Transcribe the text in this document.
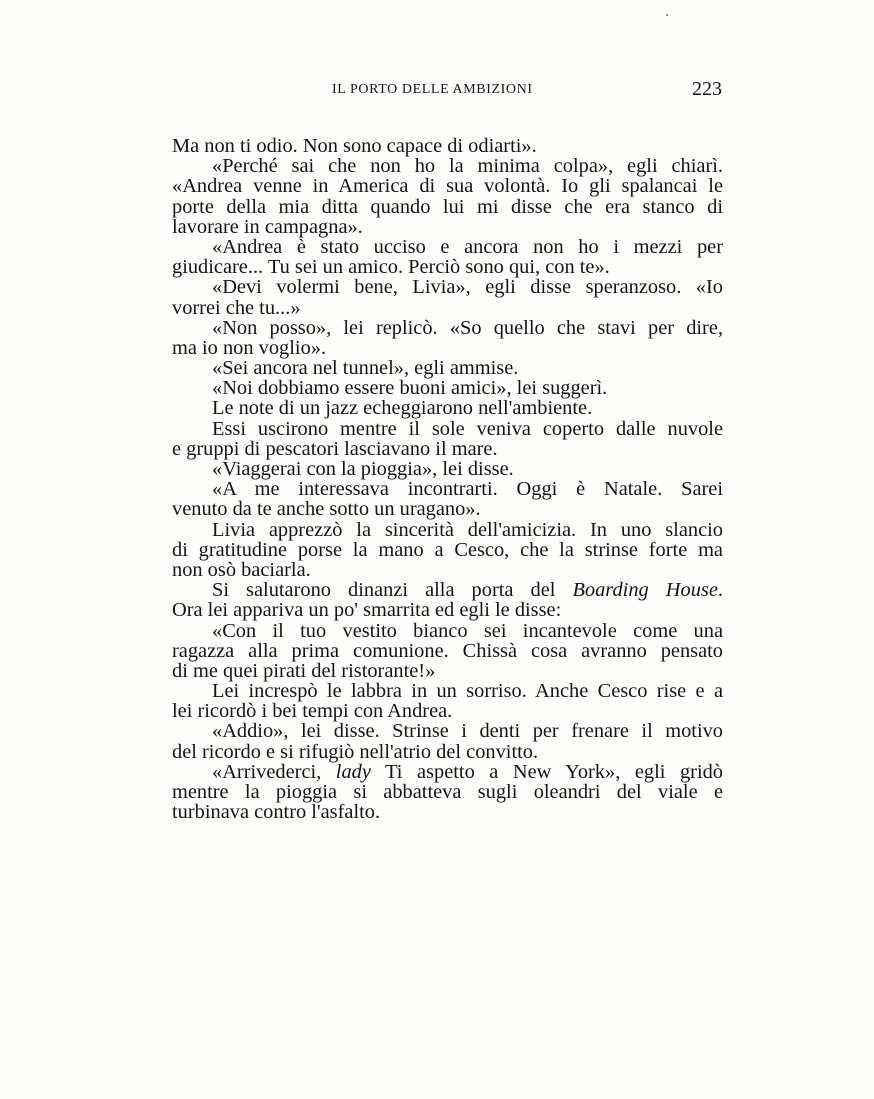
IL PORTO DELLE AMBIZIONI	223
Ma non ti odio. Non sono capace di odiarti».
«Perché sai che non ho la minima colpa», egli chiarì.
«Andrea venne in America di sua volontà. Io gli spalancai le
porte della mia ditta quando lui mi disse che era stanco di
lavorare in campagna».
«Andrea è stato ucciso e ancora non ho i mezzi per
giudicare... Tu sei un amico. Perciò sono qui, con te».
«Devi volermi bene, Livia», egli disse speranzoso. «Io
vorrei che tu...»
«Non posso», lei replicò. «So quello che stavi per dire,
ma io non voglio».
«Sei ancora nel tunnel», egli ammise.
«Noi dobbiamo essere buoni amici», lei suggerì.
Le note di un jazz echeggiarono nell'ambiente.
Essi uscirono mentre il sole veniva coperto dalle nuvole
e gruppi di pescatori lasciavano il mare.
«Viaggerai con la pioggia», lei disse.
«A me interessava incontrarti. Oggi è Natale. Sarei
venuto da te anche sotto un uragano».
Livia apprezzò la sincerità dell'amicizia. In uno slancio
di gratitudine porse la mano a Cesco, che la strinse forte ma
non osò baciarla.
Si salutarono dinanzi alla porta del Boarding House.
Ora lei appariva un po' smarrita ed egli le disse:
«Con il tuo vestito bianco sei incantevole come una
ragazza alla prima comunione. Chissà cosa avranno pensato
di me quei pirati del ristorante!»
Lei increspò le labbra in un sorriso. Anche Cesco rise e a
lei ricordò i bei tempi con Andrea.
«Addio», lei disse. Strinse i denti per frenare il motivo
del ricordo e si rifugiò nell'atrio del convitto.
«Arrivederci, lady Ti aspetto a New York», egli gridò
mentre la pioggia si abbatteva sugli oleandri del viale e
turbinava contro l'asfalto.
